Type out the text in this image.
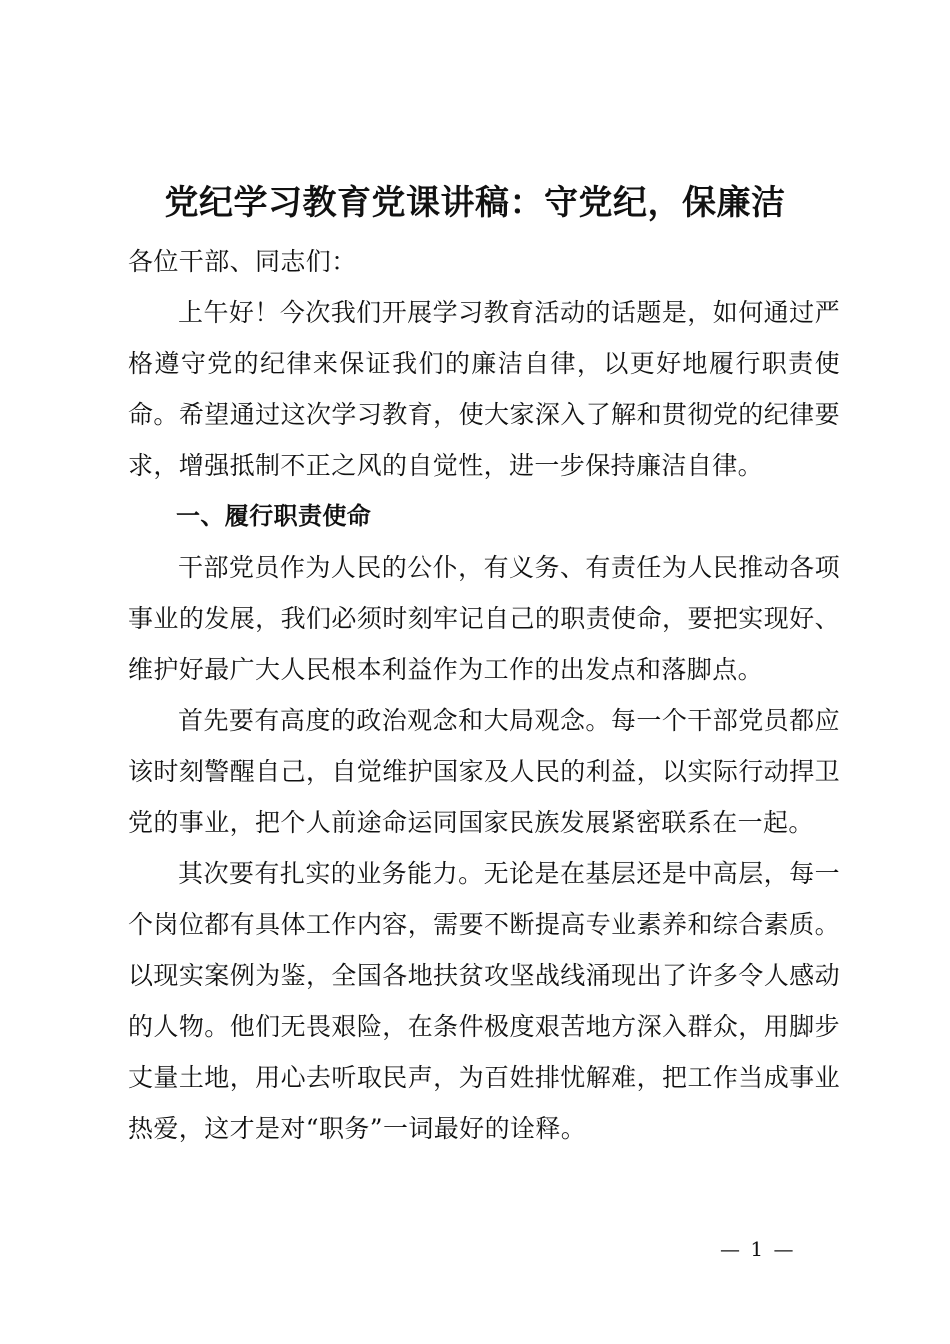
党纪学习教育党课讲稿：守党纪，保廉洁

各位干部、同志们：

上午好！今次我们开展学习教育活动的话题是，如何通过严格遵守党的纪律来保证我们的廉洁自律，以更好地履行职责使命。希望通过这次学习教育，使大家深入了解和贯彻党的纪律要求，增强抵制不正之风的自觉性，进一步保持廉洁自律。

一、履行职责使命

干部党员作为人民的公仆，有义务、有责任为人民推动各项事业的发展，我们必须时刻牢记自己的职责使命，要把实现好、维护好最广大人民根本利益作为工作的出发点和落脚点。

首先要有高度的政治观念和大局观念。每一个干部党员都应该时刻警醒自己，自觉维护国家及人民的利益，以实际行动捍卫党的事业，把个人前途命运同国家民族发展紧密联系在一起。

其次要有扎实的业务能力。无论是在基层还是中高层，每一个岗位都有具体工作内容，需要不断提高专业素养和综合素质。以现实案例为鉴，全国各地扶贫攻坚战线涌现出了许多令人感动的人物。他们无畏艰险，在条件极度艰苦地方深入群众，用脚步丈量土地，用心去听取民声，为百姓排忧解难，把工作当成事业热爱，这才是对“职务”一词最好的诠释。

— 1 —
